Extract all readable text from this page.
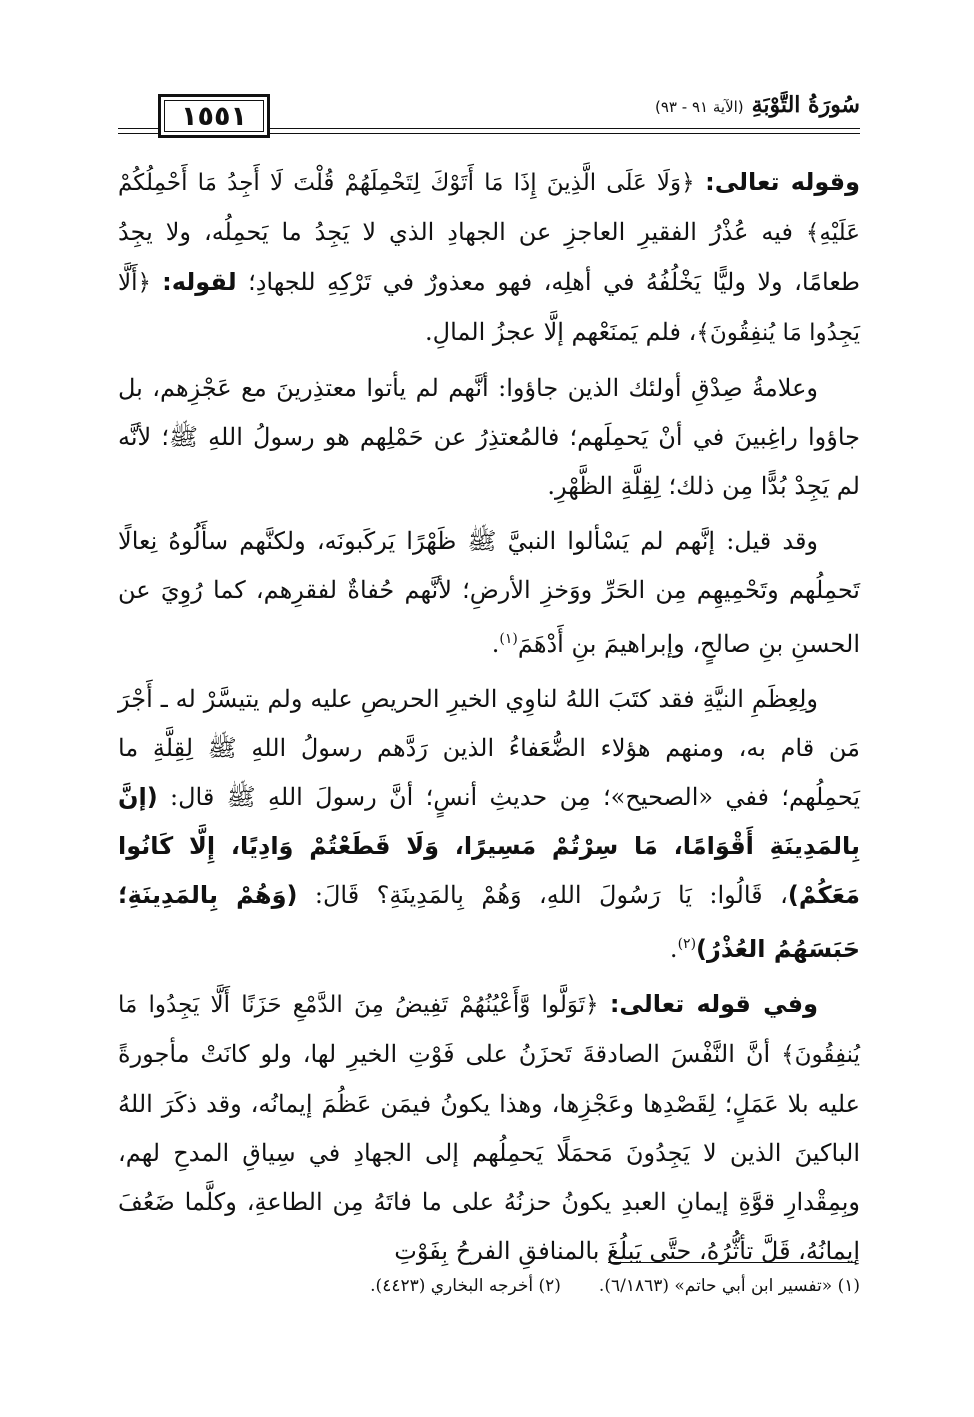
١٥٥١	سُورَةُ التَّوْبَةِ
(الآية ٩١ - ٩٣)

وقوله تعالى: ﴿وَلَا عَلَى الَّذِينَ إِذَا مَا أَتَوْكَ لِتَحْمِلَهُمْ قُلْتَ لَا أَجِدُ مَا أَحْمِلُكُمْ عَلَيْهِ﴾ فيه عُذْرُ الفقيرِ العاجزِ عن الجهادِ الذي لا يَجِدُ ما يَحمِلُه، ولا يجِدُ طعامًا، ولا وليًّا يَخْلُفُهُ في أهلِه، فهو معذورٌ في تَرْكِهِ للجهادِ؛ لقوله: ﴿أَلَّا يَجِدُوا مَا يُنفِقُونَ﴾، فلم يَمنَعْهم إلَّا عجزُ المالِ.

وعلامةُ صِدْقِ أولئك الذين جاؤوا: أنَّهم لم يأتوا معتذِرينَ مع عَجْزِهم، بل جاؤوا راغِبينَ في أنْ يَحمِلَهم؛ فالمُعتذِرُ عن حَمْلِهم هو رسولُ اللهِ ﷺ؛ لأنَّه لم يَجِدْ بُدًّا مِن ذلك؛ لِقِلَّةِ الظَّهْرِ.

وقد قيل: إنَّهم لم يَسْألوا النبيَّ ﷺ ظَهْرًا يَركَبونَه، ولكنَّهم سأَلُوهُ نِعالًا تَحمِلُهم وتَحْمِيهِم مِن الحَرِّ ووَخزِ الأرضِ؛ لأنَّهم حُفاةٌ لفقرِهم، كما رُوِيَ عن الحسنِ بنِ صالحٍ، وإبراهيمَ بنِ أَدْهَمَ$^{(١)}$.

ولِعِظَمِ النيَّةِ فقد كتَبَ اللهُ لناوِي الخيرِ الحريصِ عليه ولم يتيسَّرْ له ـ أَجْرَ مَن قام به، ومنهم هؤلاء الضُّعَفاءُ الذين رَدَّهم رسولُ اللهِ ﷺ لِقِلَّةِ ما يَحمِلُهم؛ ففي «الصحيح»؛ مِن حديثِ أنسٍ؛ أنَّ رسولَ اللهِ ﷺ قال: (إنَّ بِالمَدِينَةِ أَقْوَامًا، مَا سِرْتُمْ مَسِيرًا، وَلَا قَطَعْتُمْ وَادِيًا، إِلَّا كَانُوا مَعَكُمْ)، قَالُوا: يَا رَسُولَ اللهِ، وَهُمْ بِالمَدِينَةِ؟ قَالَ: (وَهُمْ بِالمَدِينَةِ؛ حَبَسَهُمُ العُذْرُ)$^{(٢)}$.

وفي قوله تعالى: ﴿تَوَلَّوا وَّأَعْيُنُهُمْ تَفِيضُ مِنَ الدَّمْعِ حَزَنًا أَلَّا يَجِدُوا مَا يُنفِقُونَ﴾ أنَّ النَّفْسَ الصادقةَ تَحزَنُ على فَوْتِ الخيرِ لها، ولو كانَتْ مأجورةً عليه بلا عَمَلٍ؛ لِقَصْدِها وعَجْزِها، وهذا يكونُ فيمَن عَظُمَ إيمانُه، وقد ذكَرَ اللهُ الباكينَ الذين لا يَجِدُونَ مَحمَلًا يَحمِلُهم إلى الجهادِ في سِياقِ المدحِ لهم، وبِمِقْدارِ قوَّةِ إيمانِ العبدِ يكونُ حزنُهُ على ما فاتَهُ مِن الطاعةِ، وكلَّما ضَعُفَ إيمانُهُ، قَلَّ تأثُّرُهُ، حتَّى يَبلُغَ بالمنافقِ الفرحُ بِفَوْتِ

(١) «تفسير ابن أبي حاتم» (٦/١٨٦٣).
(٢) أخرجه البخاري (٤٤٢٣).
